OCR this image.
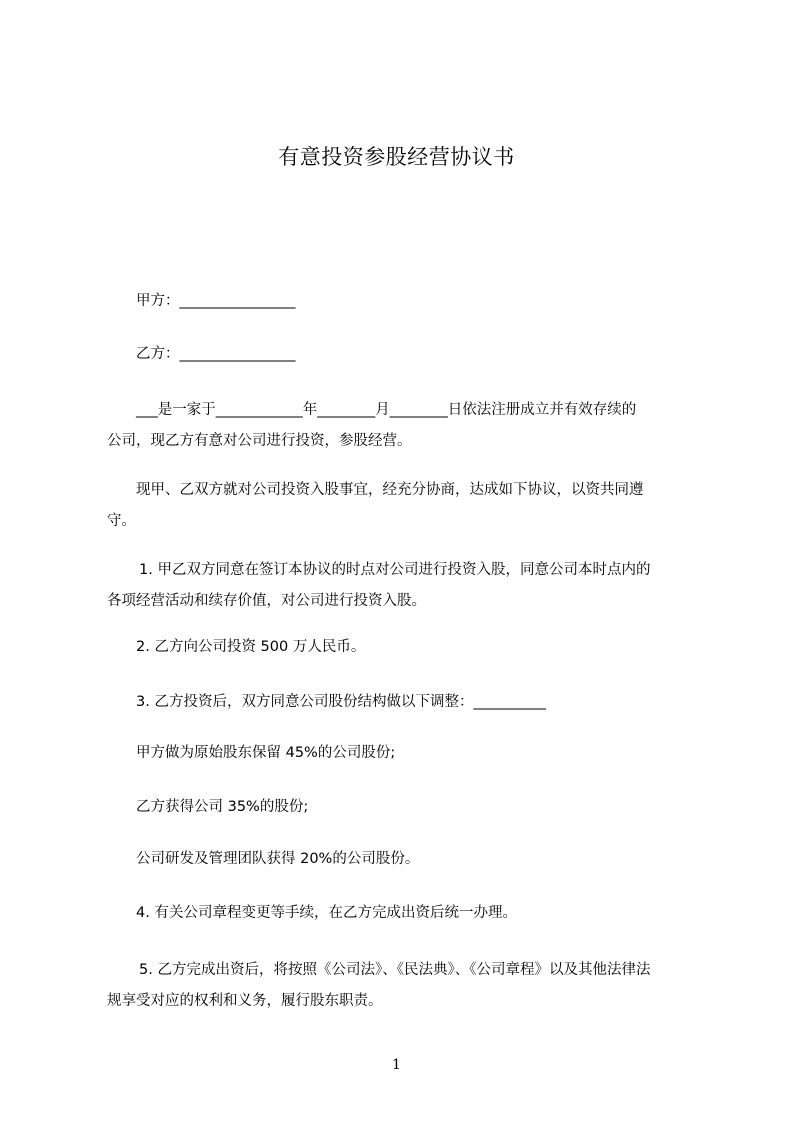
有意投资参股经营协议书
甲方：________________
乙方：________________
___是一家于____________年________月________日依法注册成立并有效存续的
公司，现乙方有意对公司进行投资，参股经营。
现甲、乙双方就对公司投资入股事宜，经充分协商，达成如下协议，以资共同遵
守。
1. 甲乙双方同意在签订本协议的时点对公司进行投资入股，同意公司本时点内的
各项经营活动和续存价值，对公司进行投资入股。
2. 乙方向公司投资 500 万人民币。
3. 乙方投资后，双方同意公司股份结构做以下调整：__________
甲方做为原始股东保留 45%的公司股份;
乙方获得公司 35%的股份;
公司研发及管理团队获得 20%的公司股份。
4. 有关公司章程变更等手续，在乙方完成出资后统一办理。
5. 乙方完成出资后，将按照《公司法》、《民法典》、《公司章程》以及其他法律法
规享受对应的权利和义务，履行股东职责。
1
